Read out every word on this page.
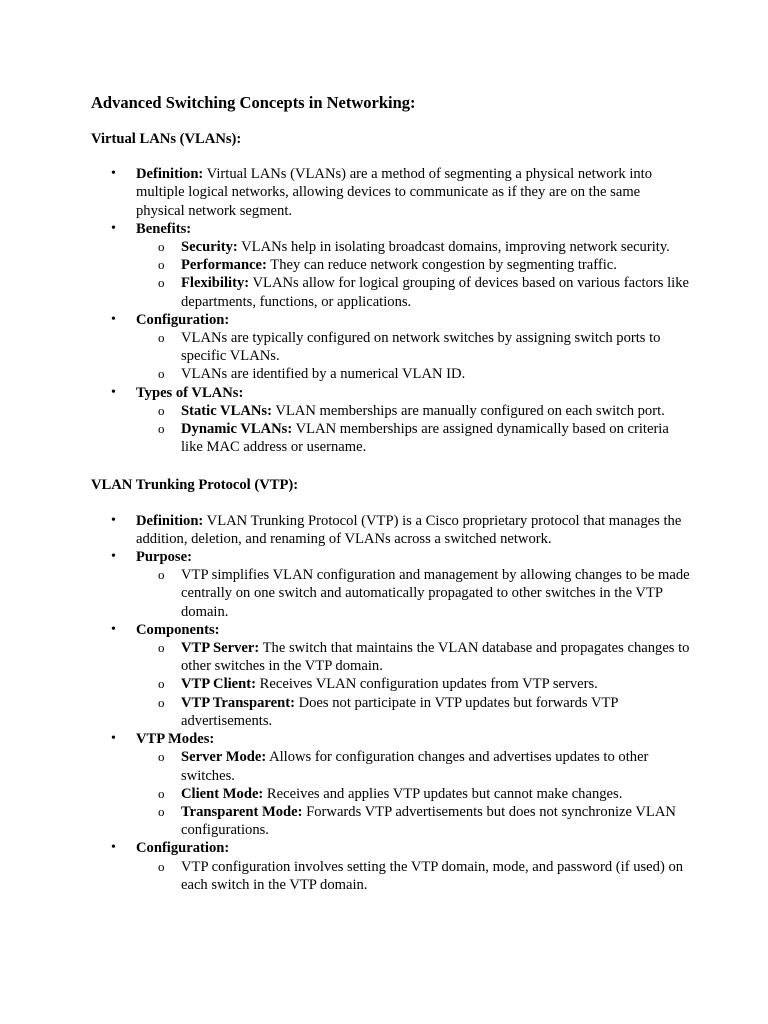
Advanced Switching Concepts in Networking:
Virtual LANs (VLANs):
• Definition: Virtual LANs (VLANs) are a method of segmenting a physical network into multiple logical networks, allowing devices to communicate as if they are on the same physical network segment.
• Benefits:
o Security: VLANs help in isolating broadcast domains, improving network security.
o Performance: They can reduce network congestion by segmenting traffic.
o Flexibility: VLANs allow for logical grouping of devices based on various factors like departments, functions, or applications.
• Configuration:
o VLANs are typically configured on network switches by assigning switch ports to specific VLANs.
o VLANs are identified by a numerical VLAN ID.
• Types of VLANs:
o Static VLANs: VLAN memberships are manually configured on each switch port.
o Dynamic VLANs: VLAN memberships are assigned dynamically based on criteria like MAC address or username.
VLAN Trunking Protocol (VTP):
• Definition: VLAN Trunking Protocol (VTP) is a Cisco proprietary protocol that manages the addition, deletion, and renaming of VLANs across a switched network.
• Purpose:
o VTP simplifies VLAN configuration and management by allowing changes to be made centrally on one switch and automatically propagated to other switches in the VTP domain.
• Components:
o VTP Server: The switch that maintains the VLAN database and propagates changes to other switches in the VTP domain.
o VTP Client: Receives VLAN configuration updates from VTP servers.
o VTP Transparent: Does not participate in VTP updates but forwards VTP advertisements.
• VTP Modes:
o Server Mode: Allows for configuration changes and advertises updates to other switches.
o Client Mode: Receives and applies VTP updates but cannot make changes.
o Transparent Mode: Forwards VTP advertisements but does not synchronize VLAN configurations.
• Configuration:
o VTP configuration involves setting the VTP domain, mode, and password (if used) on each switch in the VTP domain.
